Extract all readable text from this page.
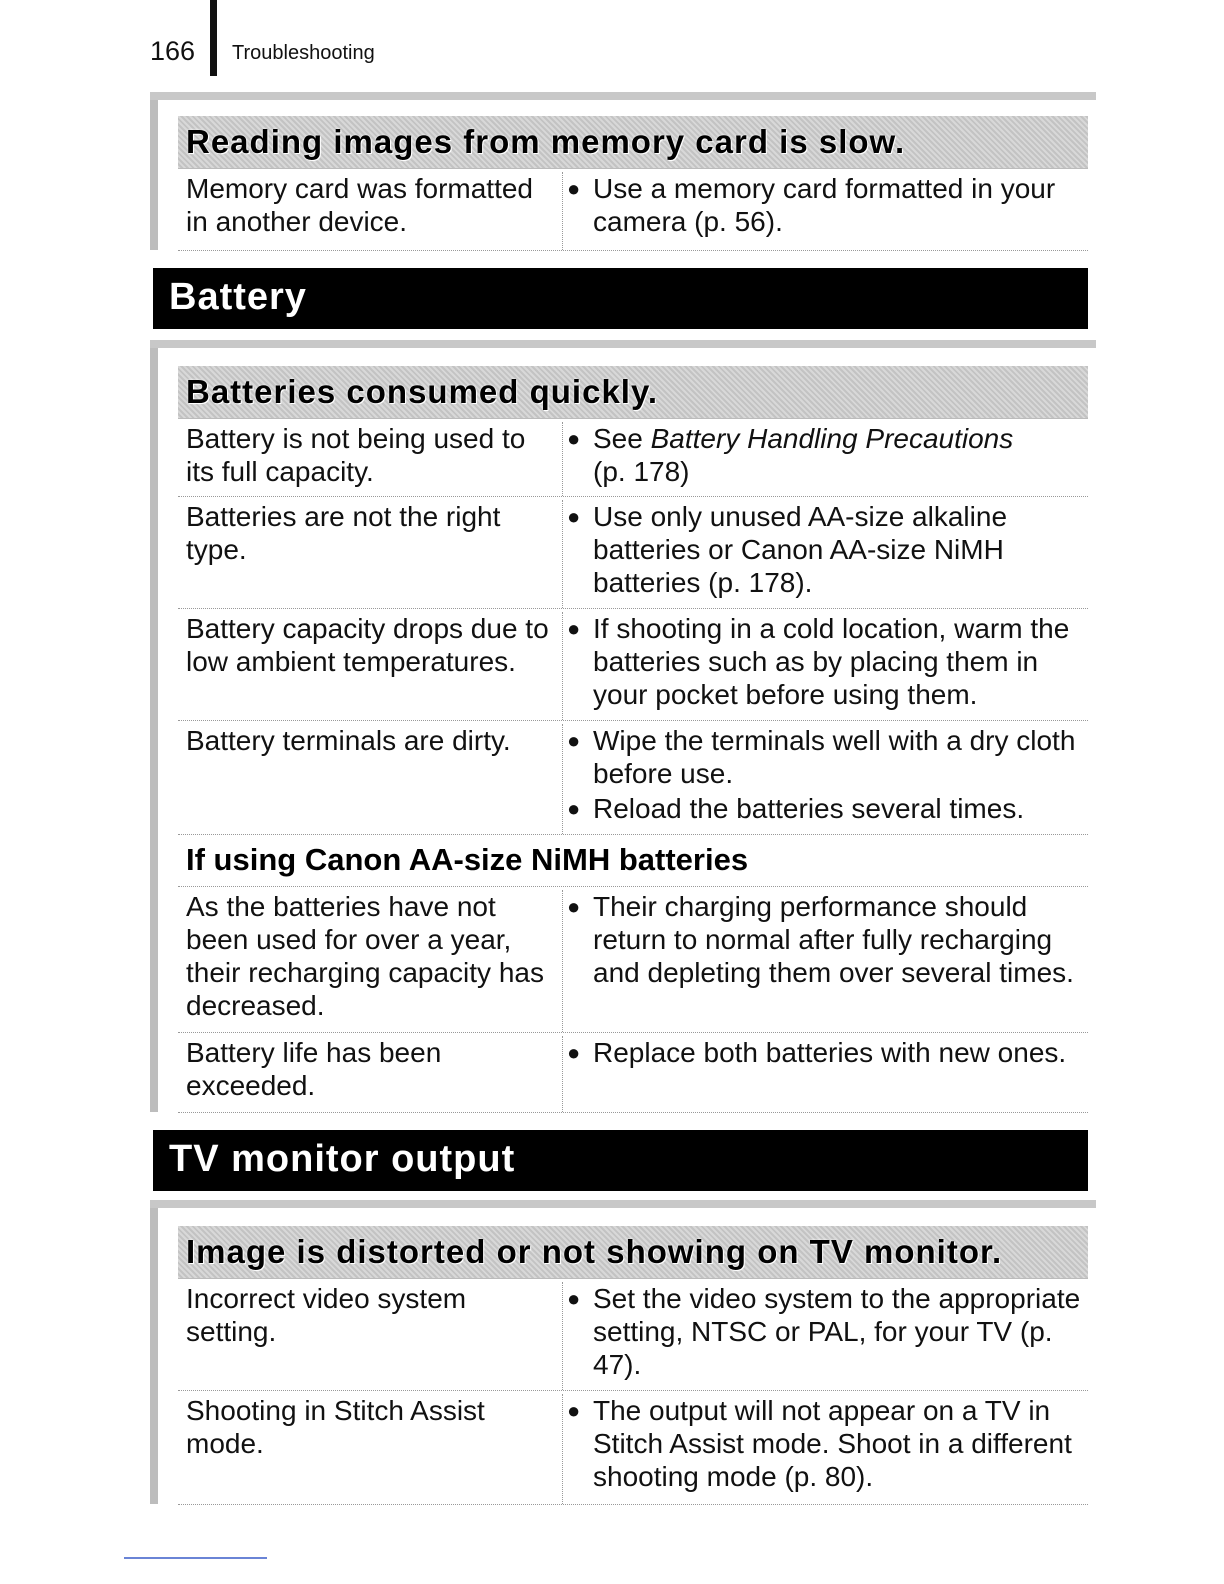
166 Troubleshooting
Reading images from memory card is slow.
Memory card was formatted in another device.
● Use a memory card formatted in your camera (p. 56).
Battery
Batteries consumed quickly.
Battery is not being used to its full capacity.
● See Battery Handling Precautions
(p. 178)
Batteries are not the right type.
● Use only unused AA-size alkaline batteries or Canon AA-size NiMH batteries (p. 178).
Battery capacity drops due to low ambient temperatures.
● If shooting in a cold location, warm the batteries such as by placing them in your pocket before using them.
Battery terminals are dirty.
●	Wipe the terminals well with a dry cloth before use.
● Reload the batteries several times.
If using Canon AA-size NiMH batteries
As the batteries have not been used for over a year, their recharging capacity has decreased.
● Their charging performance should return to normal after fully recharging and depleting them over several times.
Battery life has been exceeded.
● Replace both batteries with new ones.
TV monitor output
Image is distorted or not showing on TV monitor.
Incorrect video system setting.
● Set the video system to the appropriate setting, NTSC or PAL, for your TV (p. 47).
Shooting in Stitch Assist mode.
● The output will not appear on a TV in Stitch Assist mode. Shoot in a different shooting mode (p. 80).
